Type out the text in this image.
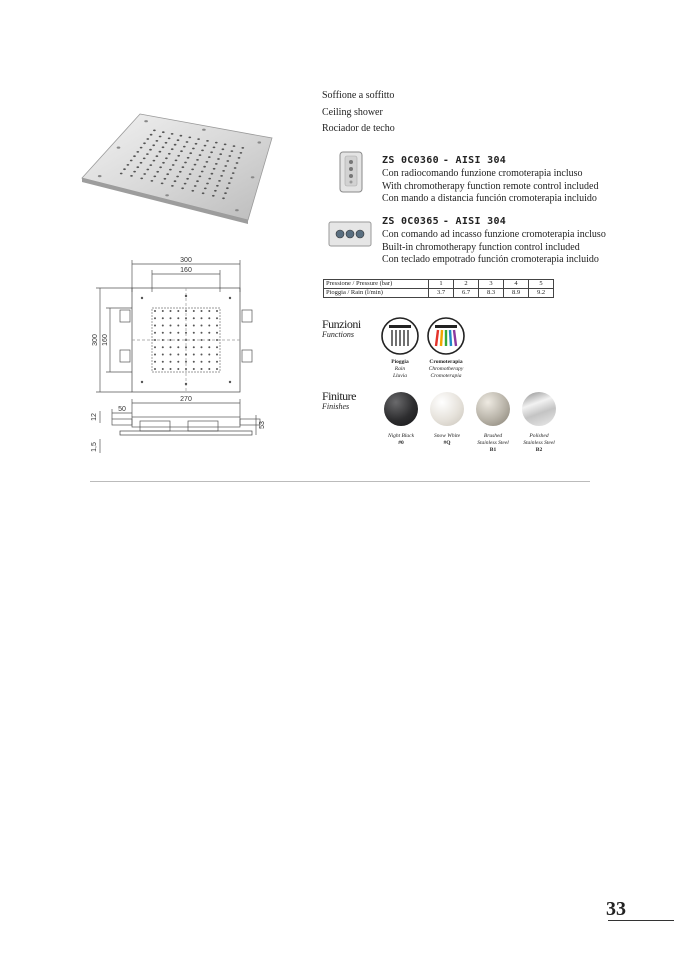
Soffione a soffitto
Ceiling shower
Rociador de techo
ZS 0C0360 - AISI 304
Con radiocomando funzione cromoterapia incluso
With chromotherapy function remote control included
Con mando a distancia función cromoterapia incluido
ZS 0C0365 - AISI 304
Con comando ad incasso funzione cromoterapia incluso
Built-in chromotherapy function control included
Con teclado empotrado función cromoterapia incluido
Pressione / Pressure (bar)	1	2	3	4	5
Pioggia / Rain (l/min)	3.7	6.7	8.3	8.9	9.2
300
160
300 160
270
50
12
1,5
53
Funzioni
Functions
Pioggia
Rain
Lluvia
Cromoterapia
Chromotherapy
Cromoterapia
Finiture
Finishes
Night Black
#0
Snow White
#Q
Brushed
Stainless Steel
B1
Polished
Stainless Steel
B2
33
